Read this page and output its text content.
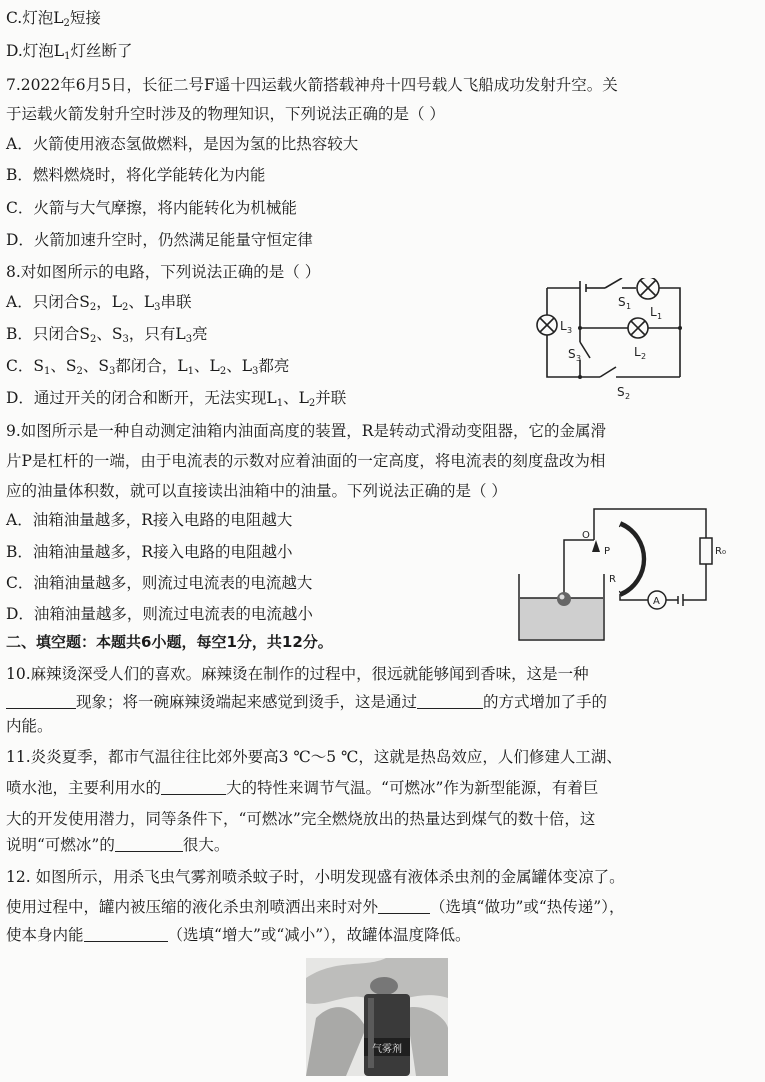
C.灯泡$L_2$短接
D.灯泡$L_1$灯丝断了
7.2022年6月5日，长征二号F遥十四运载火箭搭载神舟十四号载人飞船成功发射升空。关
于运载火箭发射升空时涉及的物理知识，下列说法正确的是（ ）
A．火箭使用液态氢做燃料，是因为氢的比热容较大
B．燃料燃烧时，将化学能转化为内能
C．火箭与大气摩擦，将内能转化为机械能
D．火箭加速升空时，仍然满足能量守恒定律
8.对如图所示的电路，下列说法正确的是（ ）
A．只闭合$S_2$，$L_2$、$L_3$串联
B．只闭合$S_2$、$S_3$，只有$L_3$亮
C．$S_1$、$S_2$、$S_3$都闭合，$L_1$、$L_2$、$L_3$都亮
D．通过开关的闭合和断开，无法实现$L_1$、$L_2$并联
S 1 L 1
L 3
S 3	L 2
S 2
9.如图所示是一种自动测定油箱内油面高度的装置，R是转动式滑动变阻器，它的金属滑
片P是杠杆的一端，由于电流表的示数对应着油面的一定高度，将电流表的刻度盘改为相
应的油量体积数，就可以直接读出油箱中的油量。下列说法正确的是（ ）
A．油箱油量越多，R接入电路的电阻越大
B．油箱油量越多，R接入电路的电阻越小
C．油箱油量越多，则流过电流表的电流越大
D．油箱油量越多，则流过电流表的电流越小
O
P
R
R₀
A
二、填空题：本题共6小题，每空1分，共12分。
10.麻辣烫深受人们的喜欢。麻辣烫在制作的过程中，很远就能够闻到香味，这是一种
现象；将一碗麻辣烫端起来感觉到烫手，这是通过	的方式增加了手的
内能。
11.炎炎夏季，都市气温往往比郊外要高3 ℃～5 ℃，这就是热岛效应，人们修建人工湖、
喷水池，主要利用水的	大的特性来调节气温。“可燃冰”作为新型能源，有着巨
大的开发使用潜力，同等条件下，“可燃冰”完全燃烧放出的热量达到煤气的数十倍，这
说明“可燃冰”的	很大。
12. 如图所示，用杀飞虫气雾剂喷杀蚊子时，小明发现盛有液体杀虫剂的金属罐体变凉了。
使用过程中，罐内被压缩的液化杀虫剂喷洒出来时对外	（选填“做功”或“热传递”），
使本身内能	（选填“增大”或“减小”），故罐体温度降低。
气雾剂
